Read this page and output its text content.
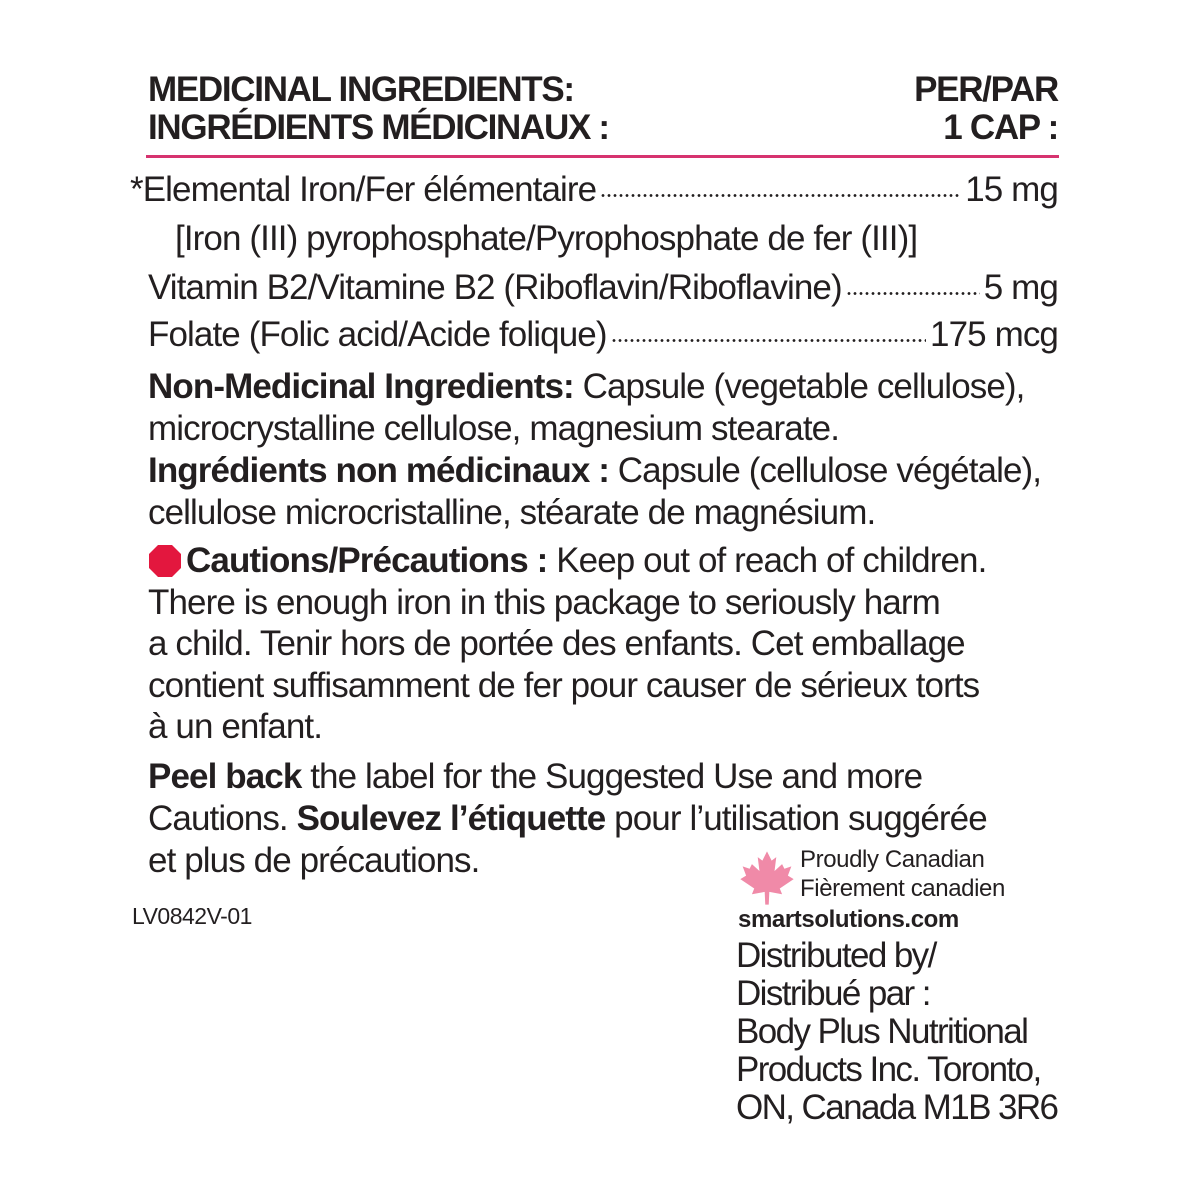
MEDICINAL INGREDIENTS:	PER/PAR
INGRÉDIENTS MÉDICINAUX :	1 CAP :
*Elemental Iron/Fer élémentaire	15 mg
[Iron (III) pyrophosphate/Pyrophosphate de fer (III)]
Vitamin B2/Vitamine B2 (Riboflavin/Riboflavine)	5 mg
Folate (Folic acid/Acide folique)	175 mcg
Non-Medicinal Ingredients: Capsule (vegetable cellulose),
microcrystalline cellulose, magnesium stearate.
Ingrédients non médicinaux : Capsule (cellulose végétale),
cellulose microcristalline, stéarate de magnésium.
Cautions/Précautions : Keep out of reach of children.
There is enough iron in this package to seriously harm
a child. Tenir hors de portée des enfants. Cet emballage
contient suffisamment de fer pour causer de sérieux torts
à un enfant.
Peel back the label for the Suggested Use and more
Cautions. Soulevez l’étiquette pour l’utilisation suggérée
et plus de précautions.
LV0842V-01
Proudly Canadian
Fièrement canadien
smartsolutions.com
Distributed by/
Distribué par :
Body Plus Nutritional
Products Inc. Toronto,
ON, Canada M1B 3R6
